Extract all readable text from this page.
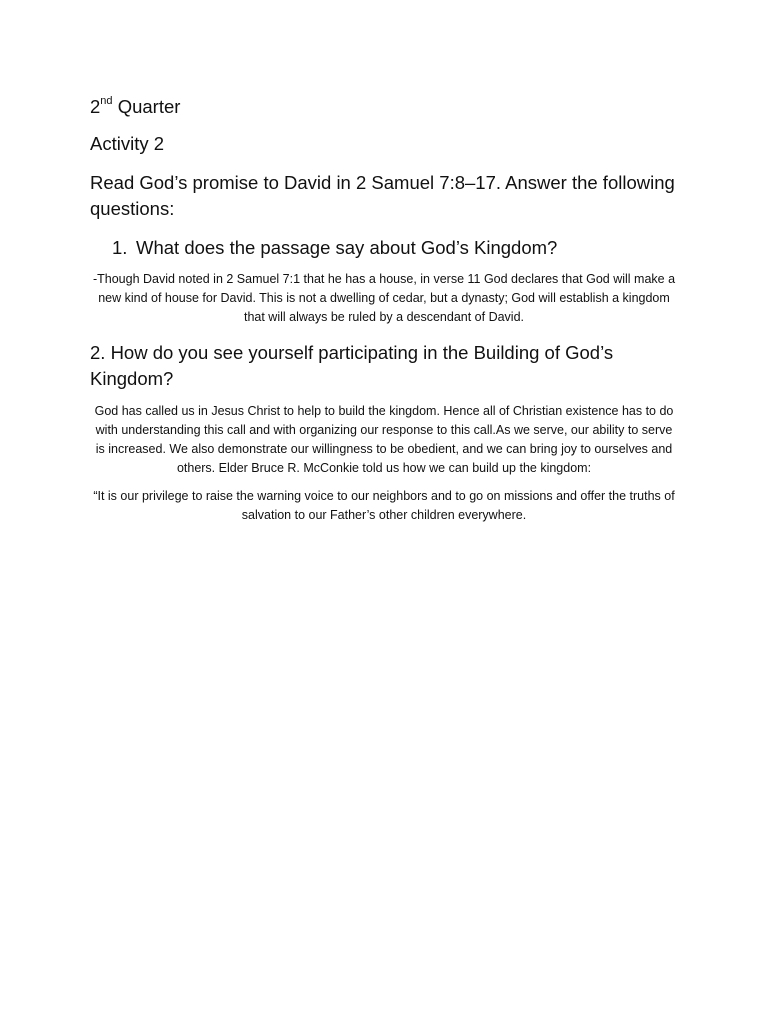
2nd Quarter

Activity 2

Read God’s promise to David in 2 Samuel 7:8–17. Answer the following questions:

1. What does the passage say about God’s Kingdom?

-Though David noted in 2 Samuel 7:1 that he has a house, in verse 11 God declares that God will make a new kind of house for David. This is not a dwelling of cedar, but a dynasty; God will establish a kingdom that will always be ruled by a descendant of David.

2. How do you see yourself participating in the Building of God’s Kingdom?

God has called us in Jesus Christ to help to build the kingdom. Hence all of Christian existence has to do with understanding this call and with organizing our response to this call.As we serve, our ability to serve is increased. We also demonstrate our willingness to be obedient, and we can bring joy to ourselves and others. Elder Bruce R. McConkie told us how we can build up the kingdom:

“It is our privilege to raise the warning voice to our neighbors and to go on missions and offer the truths of salvation to our Father’s other children everywhere.
